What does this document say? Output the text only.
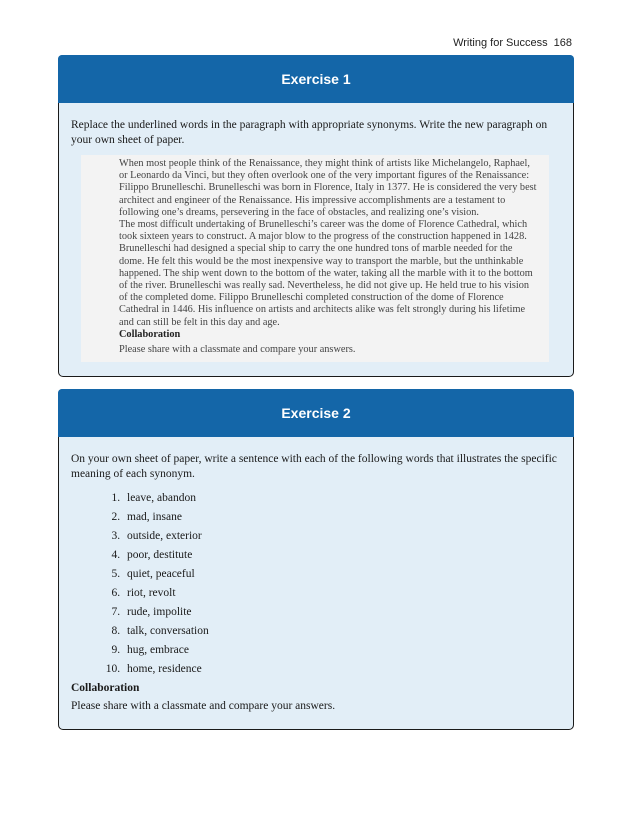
Writing for Success 168
Exercise 1

Replace the underlined words in the paragraph with appropriate synonyms. Write the new paragraph on your own sheet of paper.

When most people think of the Renaissance, they might think of artists like Michelangelo, Raphael, or Leonardo da Vinci, but they often overlook one of the very important figures of the Renaissance: Filippo Brunelleschi. Brunelleschi was born in Florence, Italy in 1377. He is considered the very best architect and engineer of the Renaissance. His impressive accomplishments are a testament to following one’s dreams, persevering in the face of obstacles, and realizing one’s vision.

The most difficult undertaking of Brunelleschi’s career was the dome of Florence Cathedral, which took sixteen years to construct. A major blow to the progress of the construction happened in 1428. Brunelleschi had designed a special ship to carry the one hundred tons of marble needed for the dome. He felt this would be the most inexpensive way to transport the marble, but the unthinkable happened. The ship went down to the bottom of the water, taking all the marble with it to the bottom of the river. Brunelleschi was really sad. Nevertheless, he did not give up. He held true to his vision of the completed dome. Filippo Brunelleschi completed construction of the dome of Florence Cathedral in 1446. His influence on artists and architects alike was felt strongly during his lifetime and can still be felt in this day and age.

Collaboration

Please share with a classmate and compare your answers.

Exercise 2

On your own sheet of paper, write a sentence with each of the following words that illustrates the specific meaning of each synonym.

1. leave, abandon
2. mad, insane
3. outside, exterior
4. poor, destitute
5. quiet, peaceful
6. riot, revolt
7. rude, impolite
8. talk, conversation
9. hug, embrace
10. home, residence

Collaboration

Please share with a classmate and compare your answers.
